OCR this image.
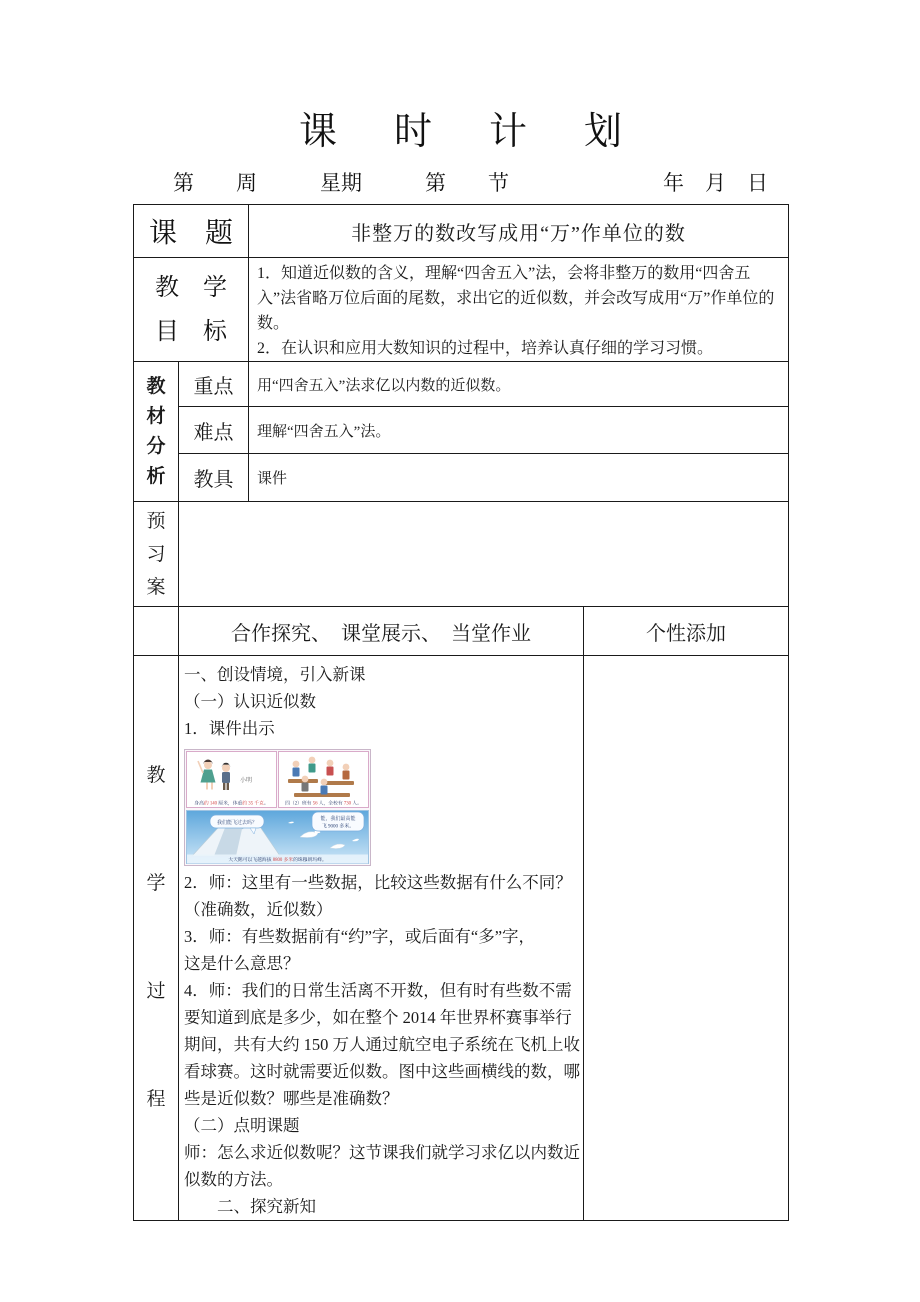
课时计划
第　　周　　　星期　　　第　　节	年　月　日
课　题		非整万的数改写成用“万”作单位的数	

教　学
目　标

1．知道近似数的含义，理解“四舍五入”法，会将非整万的数用“四舍五入”法省略万位后面的尾数，求出它的近似数，并会改写成用“万”作单位的数。
2．在认识和应用大数知识的过程中，培养认真仔细的学习习惯。

教
材
分
析	重点	用“四舍五入”法求亿以内数的近似数。	
	难点	理解“四舍五入”法。	
	教具	课件	

预
习
案			

	合作探究、　课堂展示、　当堂作业		个性添加

教
学
过
程

一、创设情境，引入新课
（一）认识近似数
1．课件出示
小明
身高约 140 厘米，体重约 35 千克。	四（2）班有 56 人，全校有 730 人。
我们能飞过去吗？
能，我们最高能
飞 9000 多米。
大天鹅可以飞越海拔 8800 多米的珠穆朗玛峰。
2．师：这里有一些数据，比较这些数据有什么不同？
（准确数，近似数）
3．师：有些数据前有“约”字，或后面有“多”字，
这是什么意思？
4．师：我们的日常生活离不开数，但有时有些数不需
要知道到底是多少，如在整个 2014 年世界杯赛事举行
期间，共有大约 150 万人通过航空电子系统在飞机上收
看球赛。这时就需要近似数。图中这些画横线的数，哪
些是近似数？哪些是准确数？
（二）点明课题
师：怎么求近似数呢？这节课我们就学习求亿以内数近
似数的方法。
　　二、探究新知
